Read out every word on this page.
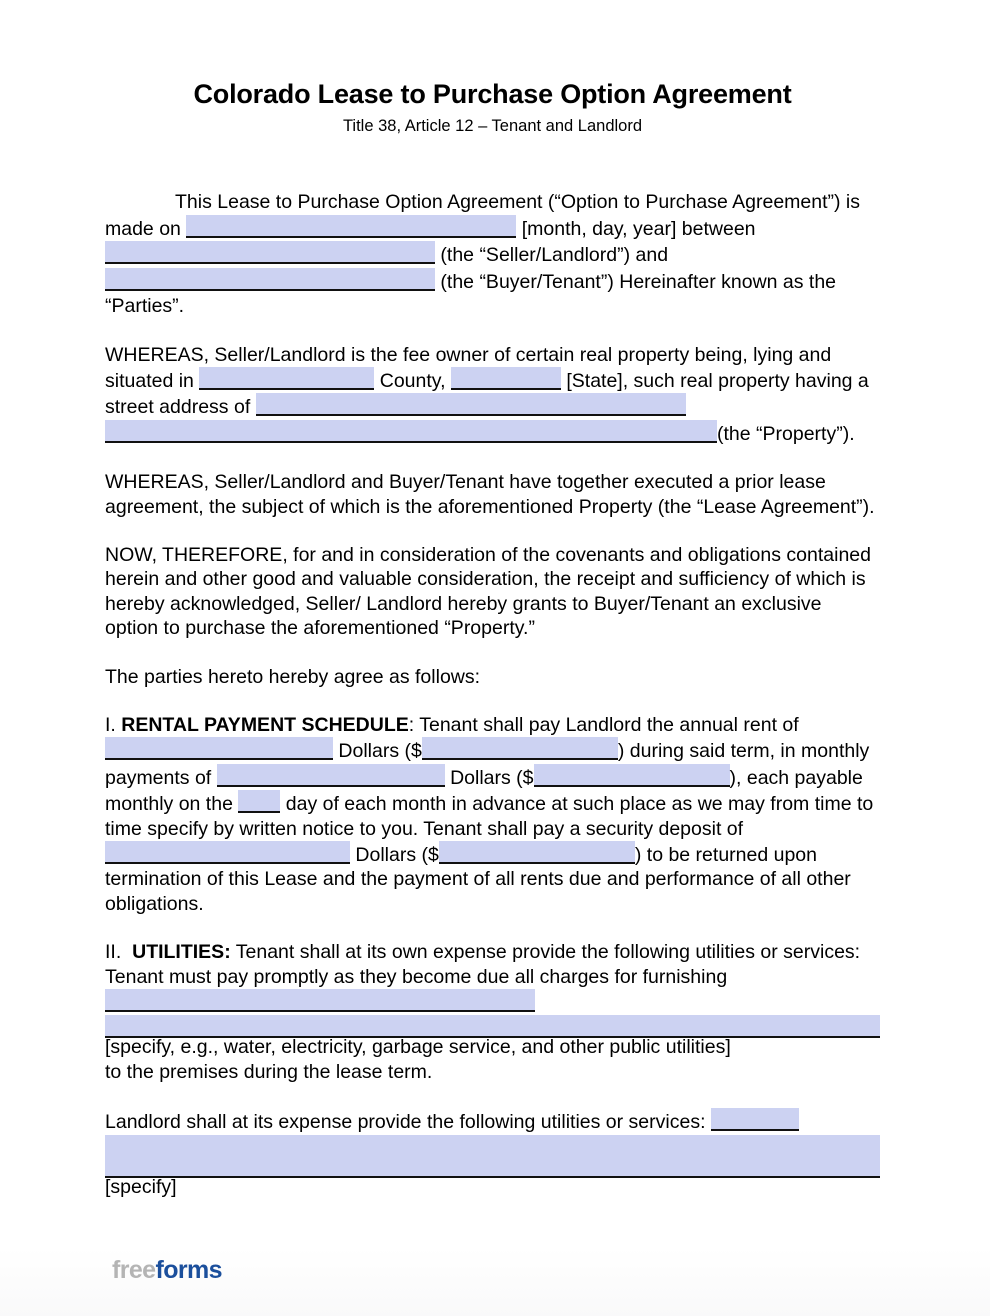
Colorado Lease to Purchase Option Agreement
Title 38, Article 12 – Tenant and Landlord

This Lease to Purchase Option Agreement (“Option to Purchase Agreement”) is made on	[month, day, year] between  (the “Seller/Landlord”) and  (the “Buyer/Tenant”) Hereinafter known as the “Parties”.

WHEREAS, Seller/Landlord is the fee owner of certain real property being, lying and situated in	County,	[State], such real property having a street address of (the “Property”).

WHEREAS, Seller/Landlord and Buyer/Tenant have together executed a prior lease agreement, the subject of which is the aforementioned Property (the “Lease Agreement”).

NOW, THEREFORE, for and in consideration of the covenants and obligations contained herein and other good and valuable consideration, the receipt and sufficiency of which is hereby acknowledged, Seller/ Landlord hereby grants to Buyer/Tenant an exclusive option to purchase the aforementioned “Property.”

The parties hereto hereby agree as follows:

I. RENTAL PAYMENT SCHEDULE: Tenant shall pay Landlord the annual rent of  Dollars ($	) during said term, in monthly payments of	Dollars ($	), each payable monthly on the	day of each month in advance at such place as we may from time to time specify by written notice to you. Tenant shall pay a security deposit of  Dollars ($	) to be returned upon termination of this Lease and the payment of all rents due and performance of all other obligations.

II. UTILITIES: Tenant shall at its own expense provide the following utilities or services: Tenant must pay promptly as they become due all charges for furnishing

[specify, e.g., water, electricity, garbage service, and other public utilities]

to the premises during the lease term.

Landlord shall at its expense provide the following utilities or services:

[specify]

freeforms
